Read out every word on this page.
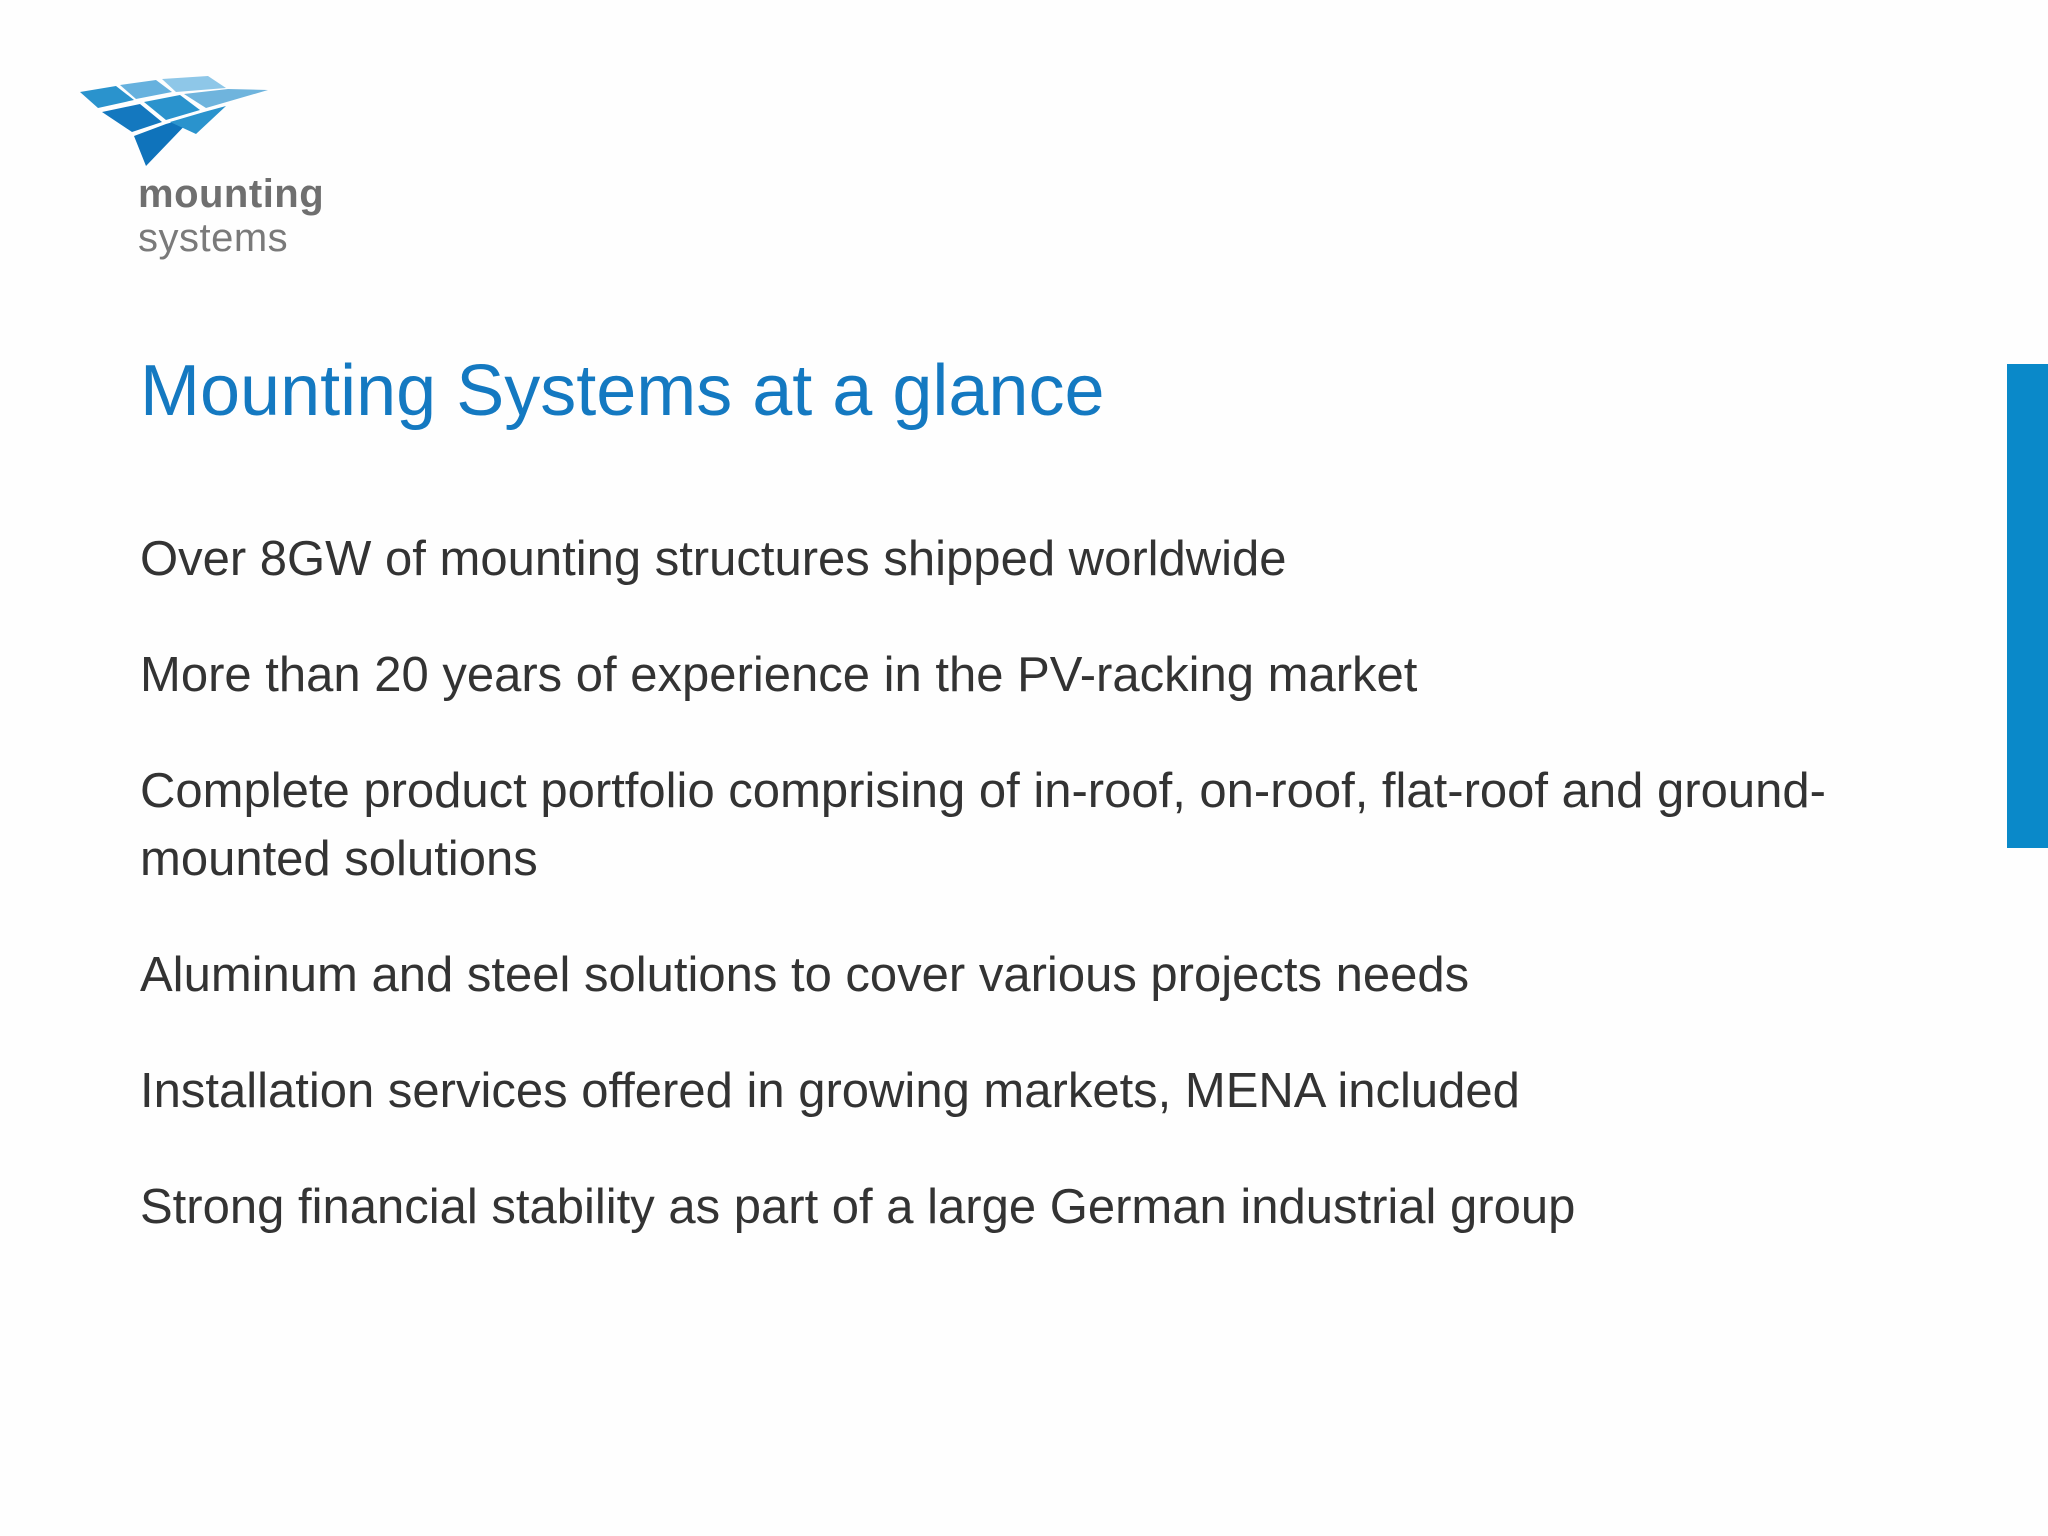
mounting
systems
Mounting Systems at a glance
Over 8GW of mounting structures shipped worldwide
More than 20 years of experience in the PV-racking market
Complete product portfolio comprising of in-roof, on-roof, flat-roof and ground-mounted solutions
Aluminum and steel solutions to cover various projects needs
Installation services offered in growing markets, MENA included
Strong financial stability as part of a large German industrial group
